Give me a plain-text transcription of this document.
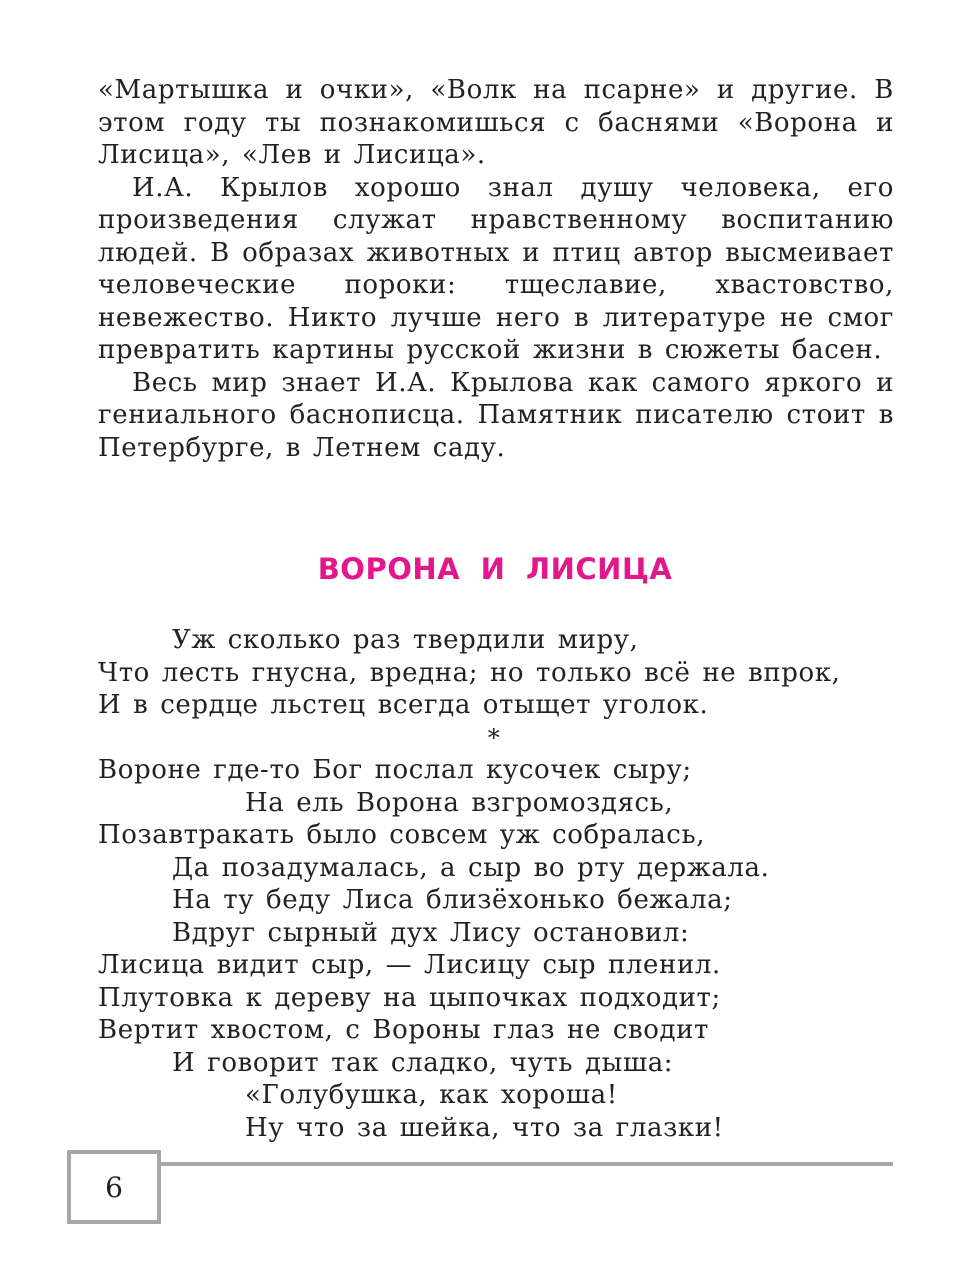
«Мартышка и очки», «Волк на псарне» и другие. В этом году ты познакомишься с баснями «Ворона и Лисица», «Лев и Лисица».

И.А. Крылов хорошо знал душу человека, его произведения служат нравственному воспитанию людей. В образах животных и птиц автор высмеивает человеческие пороки: тщеславие, хвастовство, невежество. Никто лучше него в литературе не смог превратить картины русской жизни в сюжеты басен.

Весь мир знает И.А. Крылова как самого яркого и гениального баснописца. Памятник писателю стоит в Петербурге, в Летнем саду.

ВОРОНА И ЛИСИЦА
Уж сколько раз твердили миру,
Что лесть гнусна, вредна; но только всё не впрок,
И в сердце льстец всегда отыщет уголок.
*
Вороне где-то Бог послал кусочек сыру;
На ель Ворона взгромоздясь,
Позавтракать было совсем уж собралась,
Да позадумалась, а сыр во рту держала.
На ту беду Лиса близёхонько бежала;
Вдруг сырный дух Лису остановил:
Лисица видит сыр, — Лисицу сыр пленил.
Плутовка к дереву на цыпочках подходит;
Вертит хвостом, с Вороны глаз не сводит
И говорит так сладко, чуть дыша:
«Голубушка, как хороша!
Ну что за шейка, что за глазки!
6
